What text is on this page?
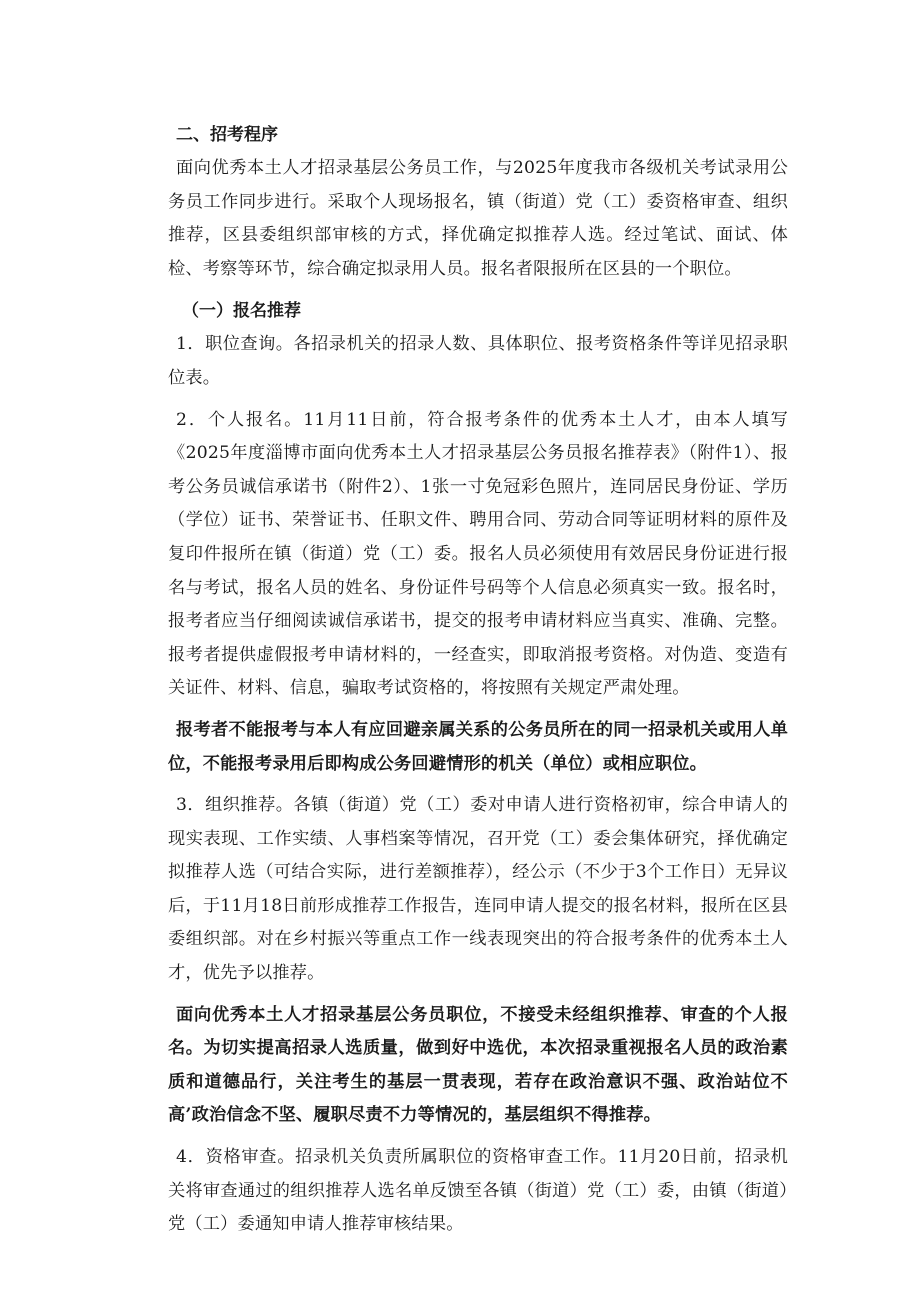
二、招考程序

面向优秀本土人才招录基层公务员工作，与2025年度我市各级机关考试录用公务员工作同步进行。采取个人现场报名，镇（街道）党（工）委资格审查、组织推荐，区县委组织部审核的方式，择优确定拟推荐人选。经过笔试、面试、体检、考察等环节，综合确定拟录用人员。报名者限报所在区县的一个职位。

（一）报名推荐

1．职位查询。各招录机关的招录人数、具体职位、报考资格条件等详见招录职位表。

2．个人报名。11月11日前，符合报考条件的优秀本土人才，由本人填写《2025年度淄博市面向优秀本土人才招录基层公务员报名推荐表》（附件1）、报考公务员诚信承诺书（附件2）、1张一寸免冠彩色照片，连同居民身份证、学历（学位）证书、荣誉证书、任职文件、聘用合同、劳动合同等证明材料的原件及复印件报所在镇（街道）党（工）委。报名人员必须使用有效居民身份证进行报名与考试，报名人员的姓名、身份证件号码等个人信息必须真实一致。报名时，报考者应当仔细阅读诚信承诺书，提交的报考申请材料应当真实、准确、完整。报考者提供虚假报考申请材料的，一经查实，即取消报考资格。对伪造、变造有关证件、材料、信息，骗取考试资格的，将按照有关规定严肃处理。

报考者不能报考与本人有应回避亲属关系的公务员所在的同一招录机关或用人单位，不能报考录用后即构成公务回避情形的机关（单位）或相应职位。

3．组织推荐。各镇（街道）党（工）委对申请人进行资格初审，综合申请人的现实表现、工作实绩、人事档案等情况，召开党（工）委会集体研究，择优确定拟推荐人选（可结合实际，进行差额推荐），经公示（不少于3个工作日）无异议后，于11月18日前形成推荐工作报告，连同申请人提交的报名材料，报所在区县委组织部。对在乡村振兴等重点工作一线表现突出的符合报考条件的优秀本土人才，优先予以推荐。

面向优秀本土人才招录基层公务员职位，不接受未经组织推荐、审查的个人报名。为切实提高招录人选质量，做到好中选优，本次招录重视报名人员的政治素质和道德品行，关注考生的基层一贯表现，若存在政治意识不强、政治站位不高’政治信念不坚、履职尽责不力等情况的，基层组织不得推荐。

4．资格审查。招录机关负责所属职位的资格审查工作。11月20日前，招录机关将审查通过的组织推荐人选名单反馈至各镇（街道）党（工）委，由镇（街道）党（工）委通知申请人推荐审核结果。
